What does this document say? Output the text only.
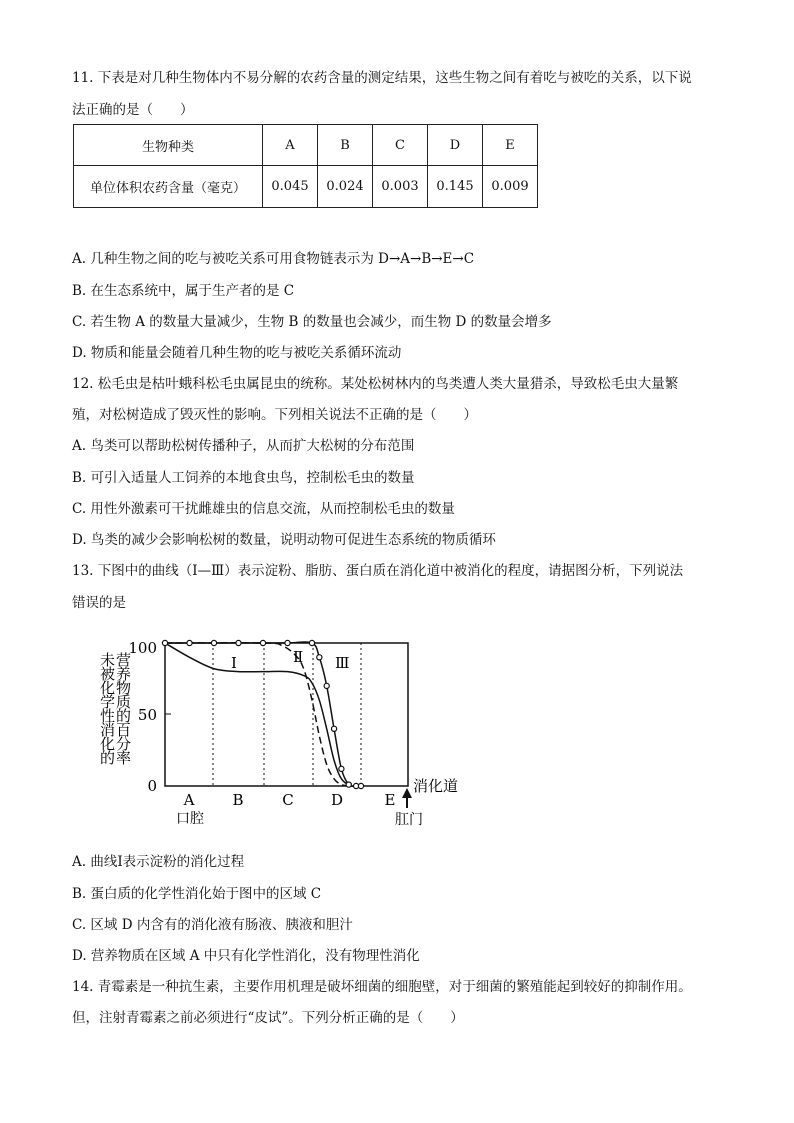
11. 下表是对几种生物体内不易分解的农药含量的测定结果，这些生物之间有着吃与被吃的关系，以下说
法正确的是（　　）
生物种类	A	B	C	D	E
单位体积农药含量（毫克）	0.045	0.024	0.003	0.145	0.009
A. 几种生物之间的吃与被吃关系可用食物链表示为 D→A→B→E→C
B. 在生态系统中，属于生产者的是 C
C. 若生物 A 的数量大量减少，生物 B 的数量也会减少，而生物 D 的数量会增多
D. 物质和能量会随着几种生物的吃与被吃关系循环流动
12. 松毛虫是枯叶蛾科松毛虫属昆虫的统称。某处松树林内的鸟类遭人类大量猎杀，导致松毛虫大量繁
殖，对松树造成了毁灭性的影响。下列相关说法不正确的是（　　）
A. 鸟类可以帮助松树传播种子，从而扩大松树的分布范围
B. 可引入适量人工饲养的本地食虫鸟，控制松毛虫的数量
C. 用性外激素可干扰雌雄虫的信息交流，从而控制松毛虫的数量
D. 鸟类的减少会影响松树的数量，说明动物可促进生态系统的物质循环
13. 下图中的曲线（Ⅰ—Ⅲ）表示淀粉、脂肪、蛋白质在消化道中被消化的程度，请据图分析，下列说法
错误的是
未被化学性消化的
营养物质的百分率
100
50
0
Ⅰ	Ⅱ Ⅲ
A	B	C D	E
口腔	肛门
消化道
A. 曲线Ⅰ表示淀粉的消化过程
B. 蛋白质的化学性消化始于图中的区域 C
C. 区域 D 内含有的消化液有肠液、胰液和胆汁
D. 营养物质在区域 A 中只有化学性消化，没有物理性消化
14. 青霉素是一种抗生素，主要作用机理是破坏细菌的细胞壁，对于细菌的繁殖能起到较好的抑制作用。
但，注射青霉素之前必须进行“皮试”。下列分析正确的是（　　）
